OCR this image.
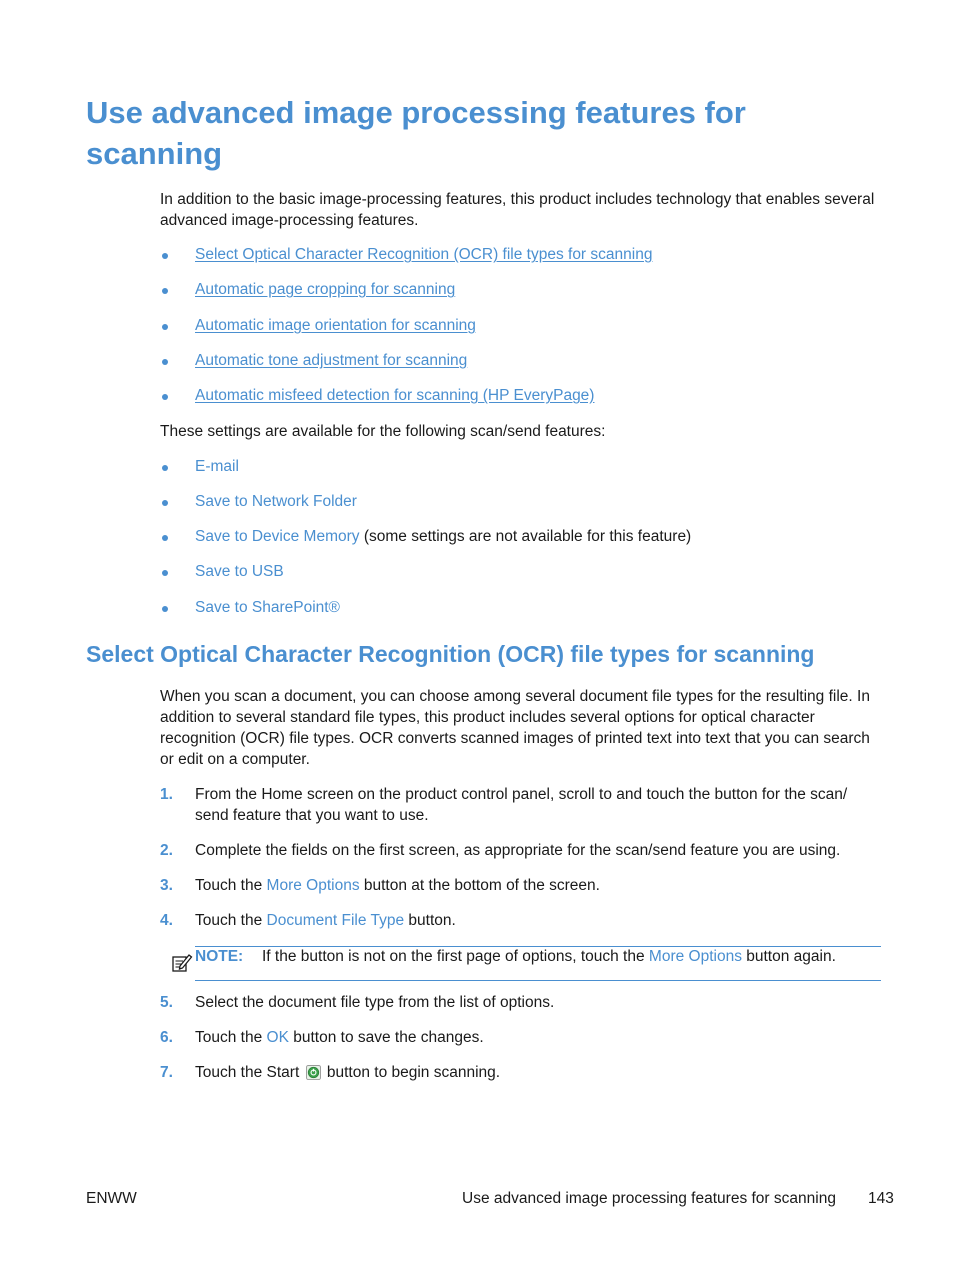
Use advanced image processing features for scanning

In addition to the basic image-processing features, this product includes technology that enables several advanced image-processing features.

Select Optical Character Recognition (OCR) file types for scanning
Automatic page cropping for scanning
Automatic image orientation for scanning
Automatic tone adjustment for scanning
Automatic misfeed detection for scanning (HP EveryPage)

These settings are available for the following scan/send features:

E-mail
Save to Network Folder
Save to Device Memory (some settings are not available for this feature)
Save to USB
Save to SharePoint®
Select Optical Character Recognition (OCR) file types for scanning

When you scan a document, you can choose among several document file types for the resulting file. In addition to several standard file types, this product includes several options for optical character recognition (OCR) file types. OCR converts scanned images of printed text into text that you can search or edit on a computer.

1. From the Home screen on the product control panel, scroll to and touch the button for the scan/ send feature that you want to use.
2. Complete the fields on the first screen, as appropriate for the scan/send feature you are using.
3. Touch the More Options button at the bottom of the screen.
4. Touch the Document File Type button.
NOTE: If the button is not on the first page of options, touch the More Options button again.
5. Select the document file type from the list of options.
6. Touch the OK button to save the changes.
7. Touch the Start  button to begin scanning.
ENWW	Use advanced image processing features for scanning 143
